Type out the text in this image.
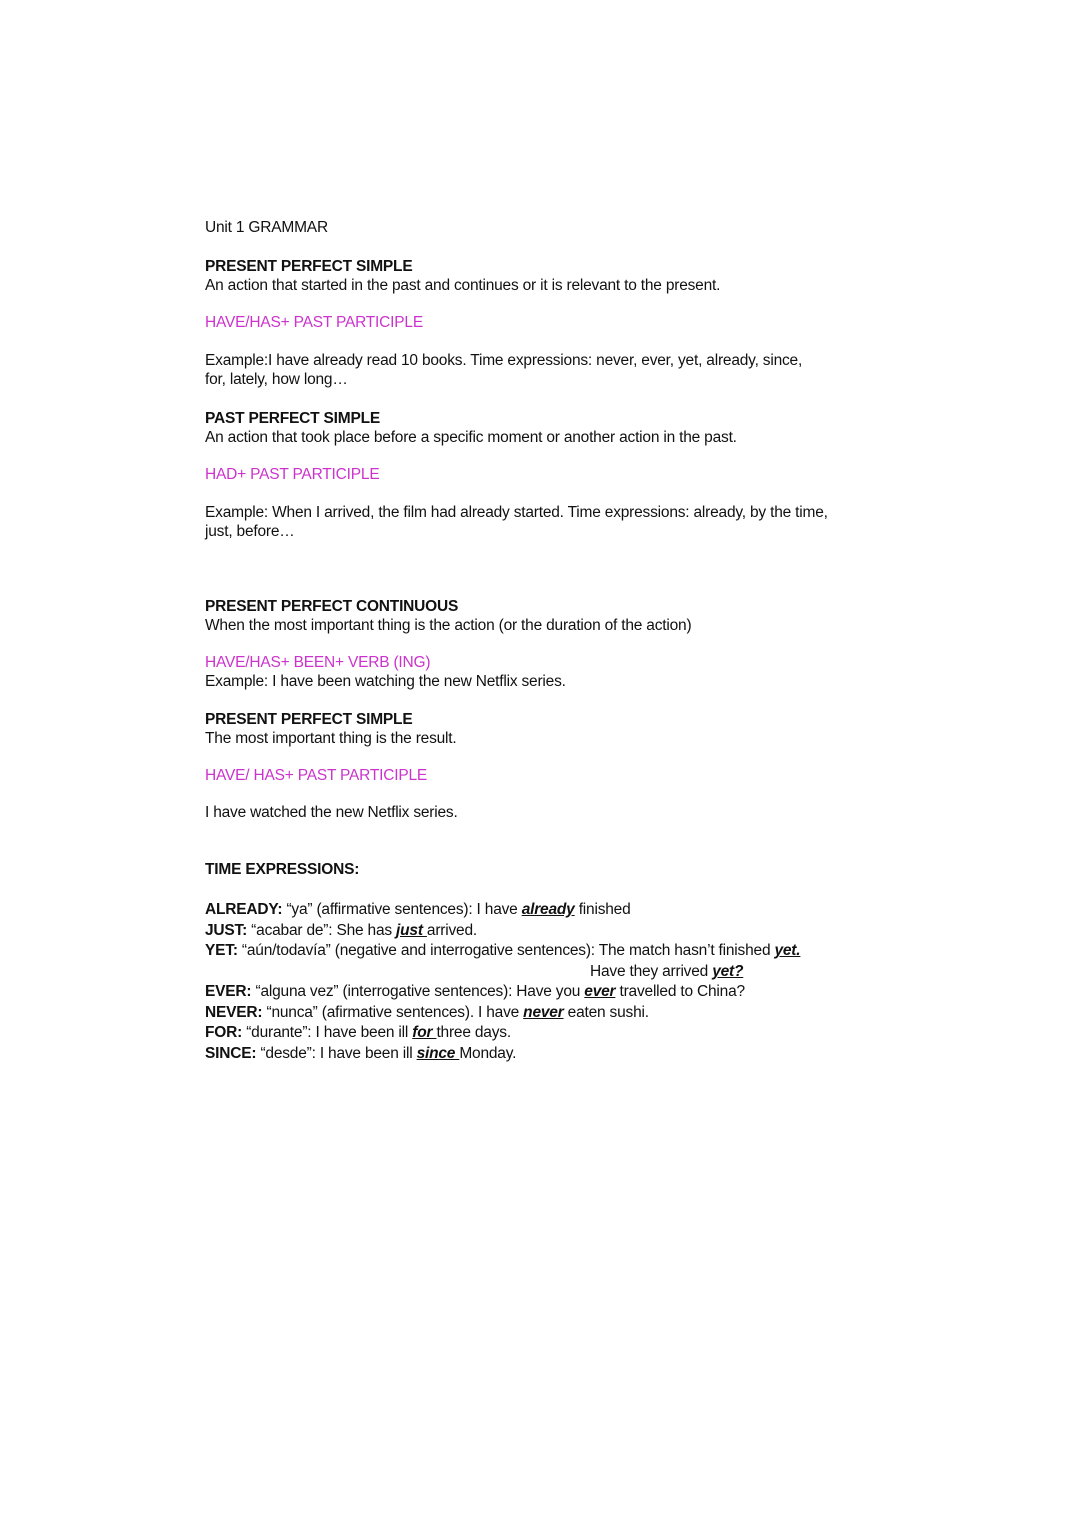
Unit 1 GRAMMAR

PRESENT PERFECT SIMPLE

An action that started in the past and continues or it is relevant to the present.

HAVE/HAS+ PAST PARTICIPLE

Example:I have already read 10 books. Time expressions: never, ever, yet, already, since, for, lately, how long…

PAST PERFECT SIMPLE

An action that took place before a specific moment or another action in the past.

HAD+ PAST PARTICIPLE

Example: When I arrived, the film had already started. Time expressions: already, by the time, just, before…

PRESENT PERFECT CONTINUOUS

When the most important thing is the action (or the duration of the action)

HAVE/HAS+ BEEN+ VERB (ING)

Example: I have been watching the new Netflix series.

PRESENT PERFECT SIMPLE

The most important thing is the result.

HAVE/ HAS+ PAST PARTICIPLE

I have watched the new Netflix series.

TIME EXPRESSIONS:

ALREADY: “ya” (affirmative sentences): I have already finished

JUST: “acabar de”: She has just arrived.

YET: “aún/todavía” (negative and interrogative sentences): The match hasn’t finished yet.

Have they arrived yet?

EVER: “alguna vez” (interrogative sentences): Have you ever travelled to China?

NEVER: “nunca” (afirmative sentences). I have never eaten sushi.

FOR: “durante”: I have been ill for three days.

SINCE: “desde”: I have been ill since Monday.
